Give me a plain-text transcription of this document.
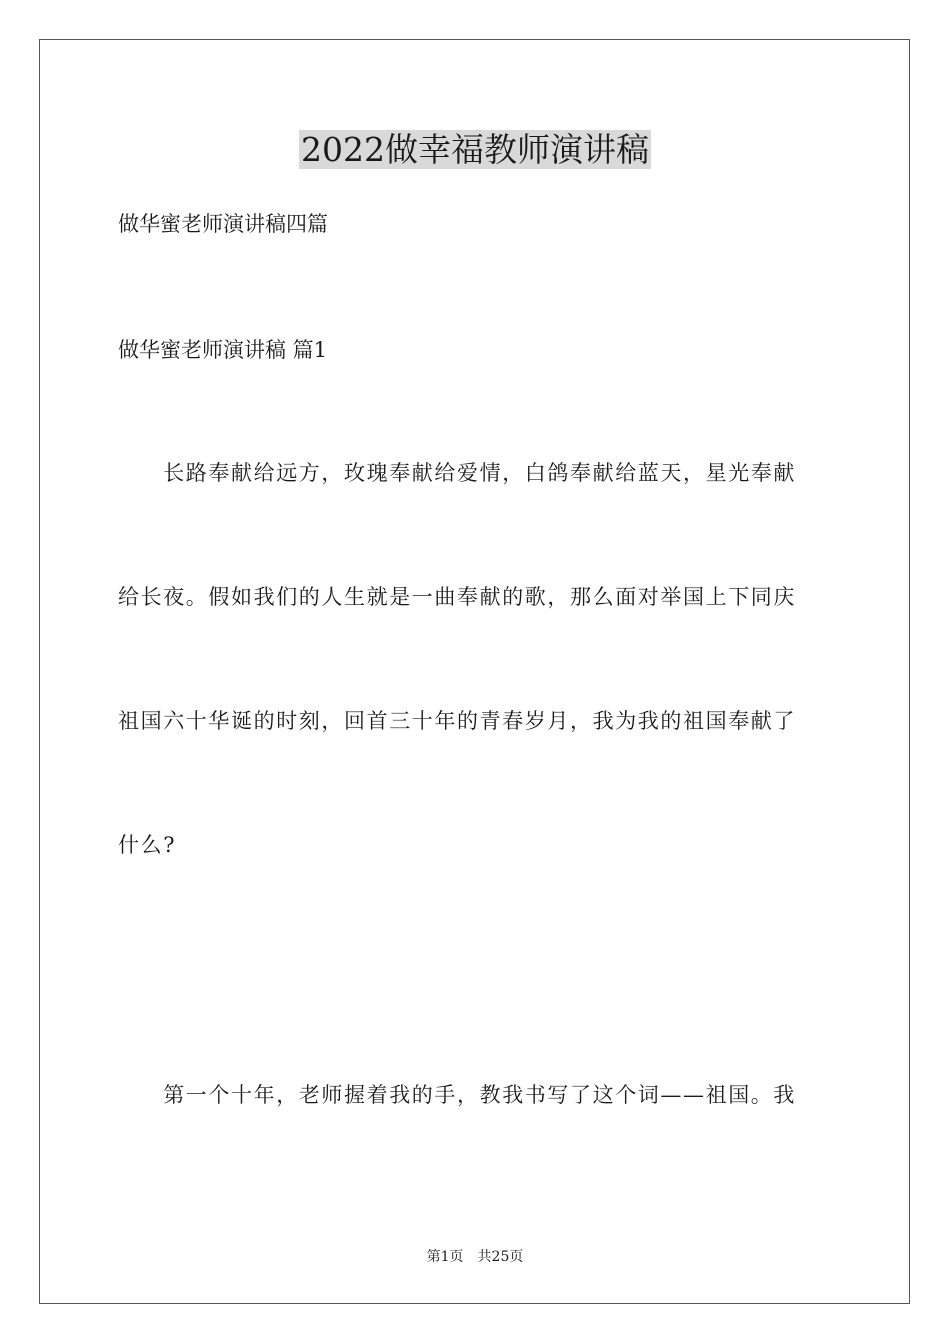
2022做幸福教师演讲稿
做华蜜老师演讲稿四篇
做华蜜老师演讲稿 篇1
　　长路奉献给远方，玫瑰奉献给爱情，白鸽奉献给蓝天，星光奉献
给长夜。假如我们的人生就是一曲奉献的歌，那么面对举国上下同庆
祖国六十华诞的时刻，回首三十年的青春岁月，我为我的祖国奉献了
什么?
　　第一个十年，老师握着我的手，教我书写了这个词——祖国。我
第1页　共25页
